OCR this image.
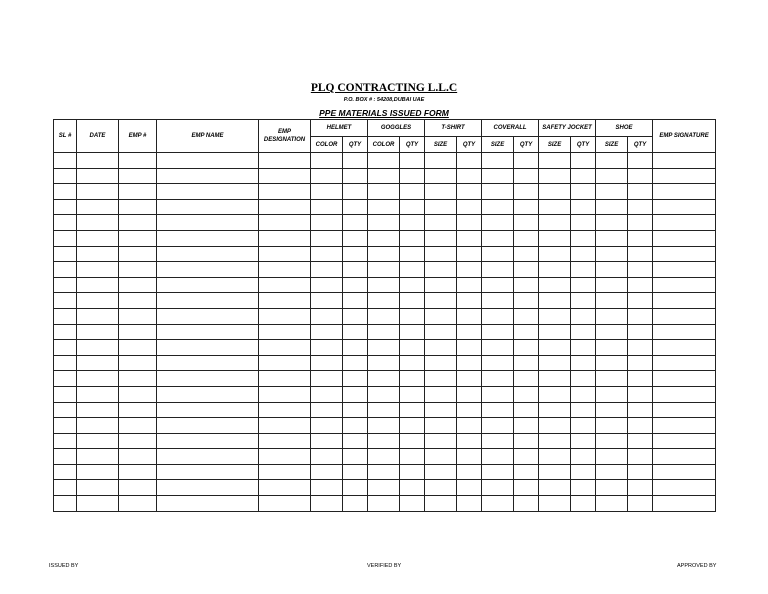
PLQ CONTRACTING L.L.C
P.O. BOX # : 54208,DUBAI UAE
PPE MATERIALS ISSUED FORM
SL #	DATE	EMP #	EMP NAME	EMP DESIGNATION	HELMET		GOGGLES		T-SHIRT		COVERALL		SAFETY JOCKET		SHOE		EMP SIGNATURE
					COLOR	QTY	COLOR	QTY	SIZE	QTY	SIZE	QTY	SIZE	QTY	SIZE	QTY	

ISSUED BY	VERIFIED BY	APPROVED BY
